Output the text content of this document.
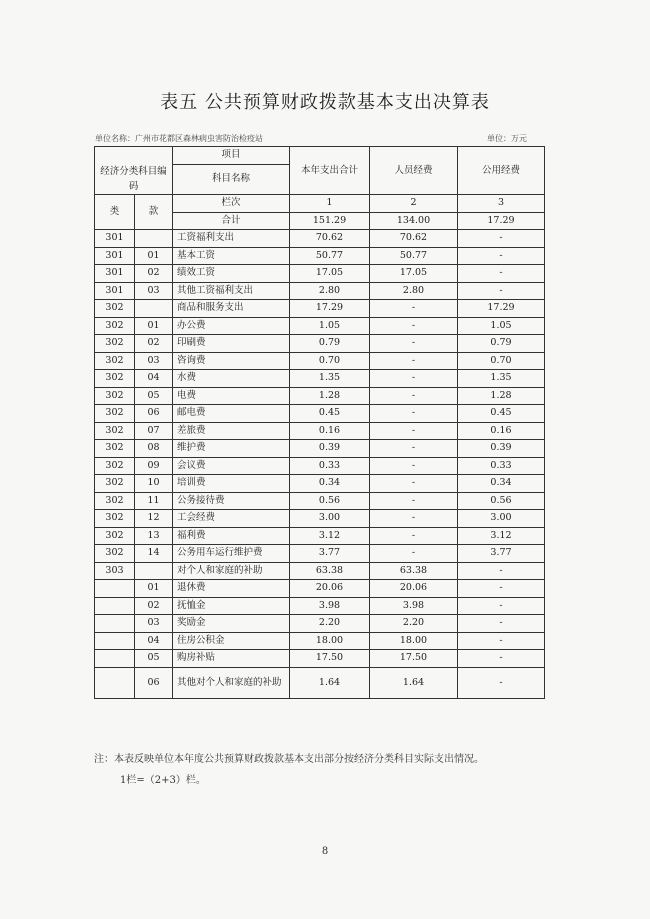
表五 公共预算财政拨款基本支出决算表
单位名称：广州市花都区森林病虫害防治检疫站	单位：万元
		项目	本年支出合计	人员经费	公用经费
经济分类科目编码		科目名称			

类	款	栏次	1	2	3
		合计	151.29	134.00	17.29
301		工资福利支出	70.62	70.62	-
301	01	基本工资	50.77	50.77	-
301	02	绩效工资	17.05	17.05	-
301	03	其他工资福利支出	2.80	2.80	-
302		商品和服务支出	17.29	-	17.29
302	01	办公费	1.05	-	1.05
302	02	印刷费	0.79	-	0.79
302	03	咨询费	0.70	-	0.70
302	04	水费	1.35	-	1.35
302	05	电费	1.28	-	1.28
302	06	邮电费	0.45	-	0.45
302	07	差旅费	0.16	-	0.16
302	08	维护费	0.39	-	0.39
302	09	会议费	0.33	-	0.33
302	10	培训费	0.34	-	0.34
302	11	公务接待费	0.56	-	0.56
302	12	工会经费	3.00	-	3.00
302	13	福利费	3.12	-	3.12
302	14	公务用车运行维护费	3.77	-	3.77
303		对个人和家庭的补助	63.38	63.38	-
	01	退休费	20.06	20.06	-
	02	抚恤金	3.98	3.98	-
	03	奖励金	2.20	2.20	-
	04	住房公积金	18.00	18.00	-
	05	购房补贴	17.50	17.50	-
	06	其他对个人和家庭的补助	1.64	1.64	-
注：本表反映单位本年度公共预算财政拨款基本支出部分按经济分类科目实际支出情况。
1栏=（2+3）栏。
8
